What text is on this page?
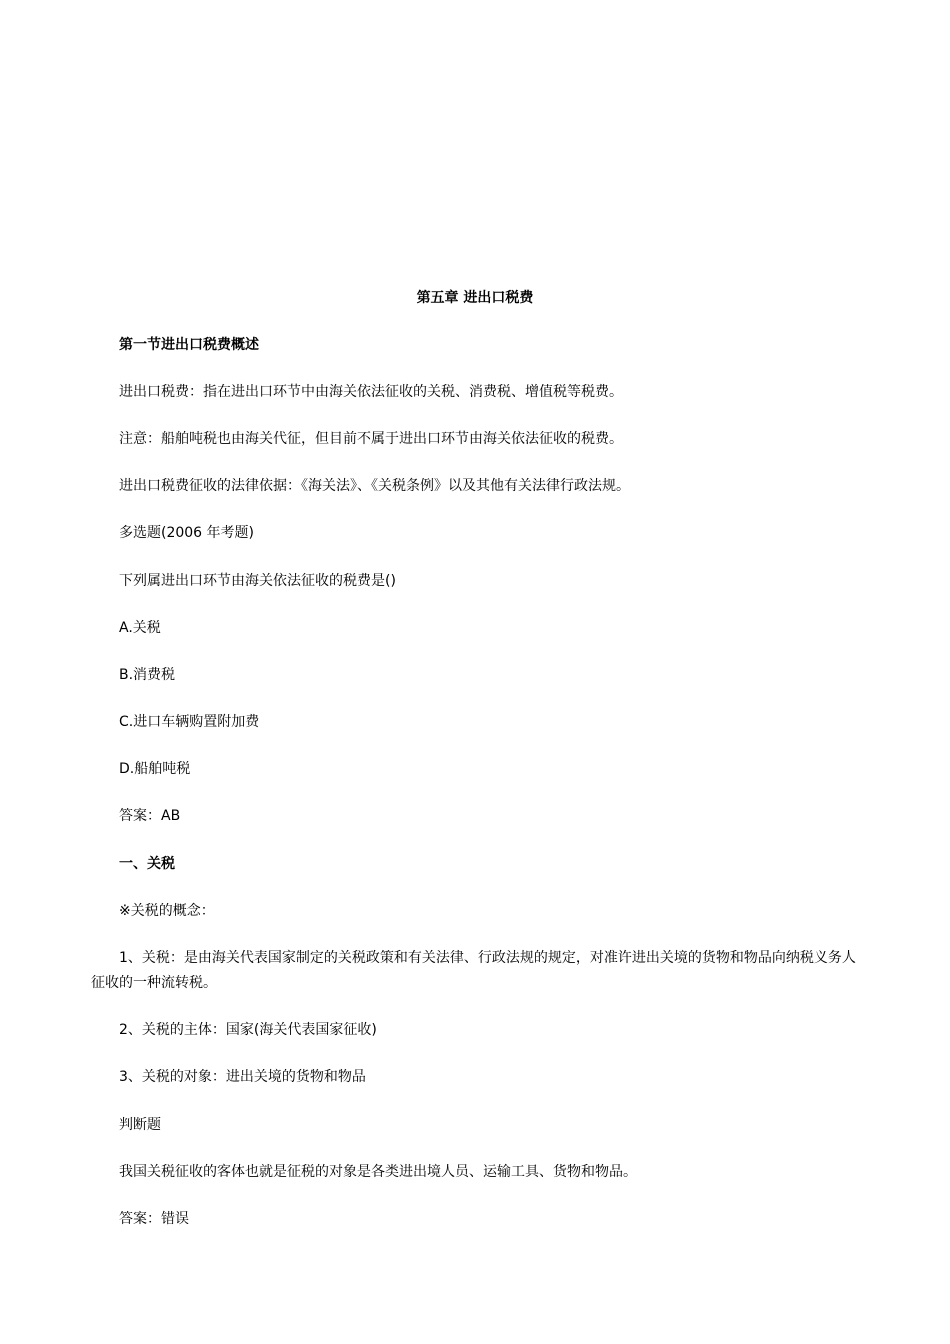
第五章 进出口税费
第一节进出口税费概述
进出口税费：指在进出口环节中由海关依法征收的关税、消费税、增值税等税费。
注意：船舶吨税也由海关代征，但目前不属于进出口环节由海关依法征收的税费。
进出口税费征收的法律依据：《海关法》、《关税条例》以及其他有关法律行政法规。
多选题(2006 年考题)
下列属进出口环节由海关依法征收的税费是()
A.关税
B.消费税
C.进口车辆购置附加费
D.船舶吨税
答案：AB
一、关税
※关税的概念：
1、关税：是由海关代表国家制定的关税政策和有关法律、行政法规的规定，对准许进出关境的货物和物品向纳税义务人征收的一种流转税。
2、关税的主体：国家(海关代表国家征收)
3、关税的对象：进出关境的货物和物品
判断题
我国关税征收的客体也就是征税的对象是各类进出境人员、运输工具、货物和物品。
答案：错误
